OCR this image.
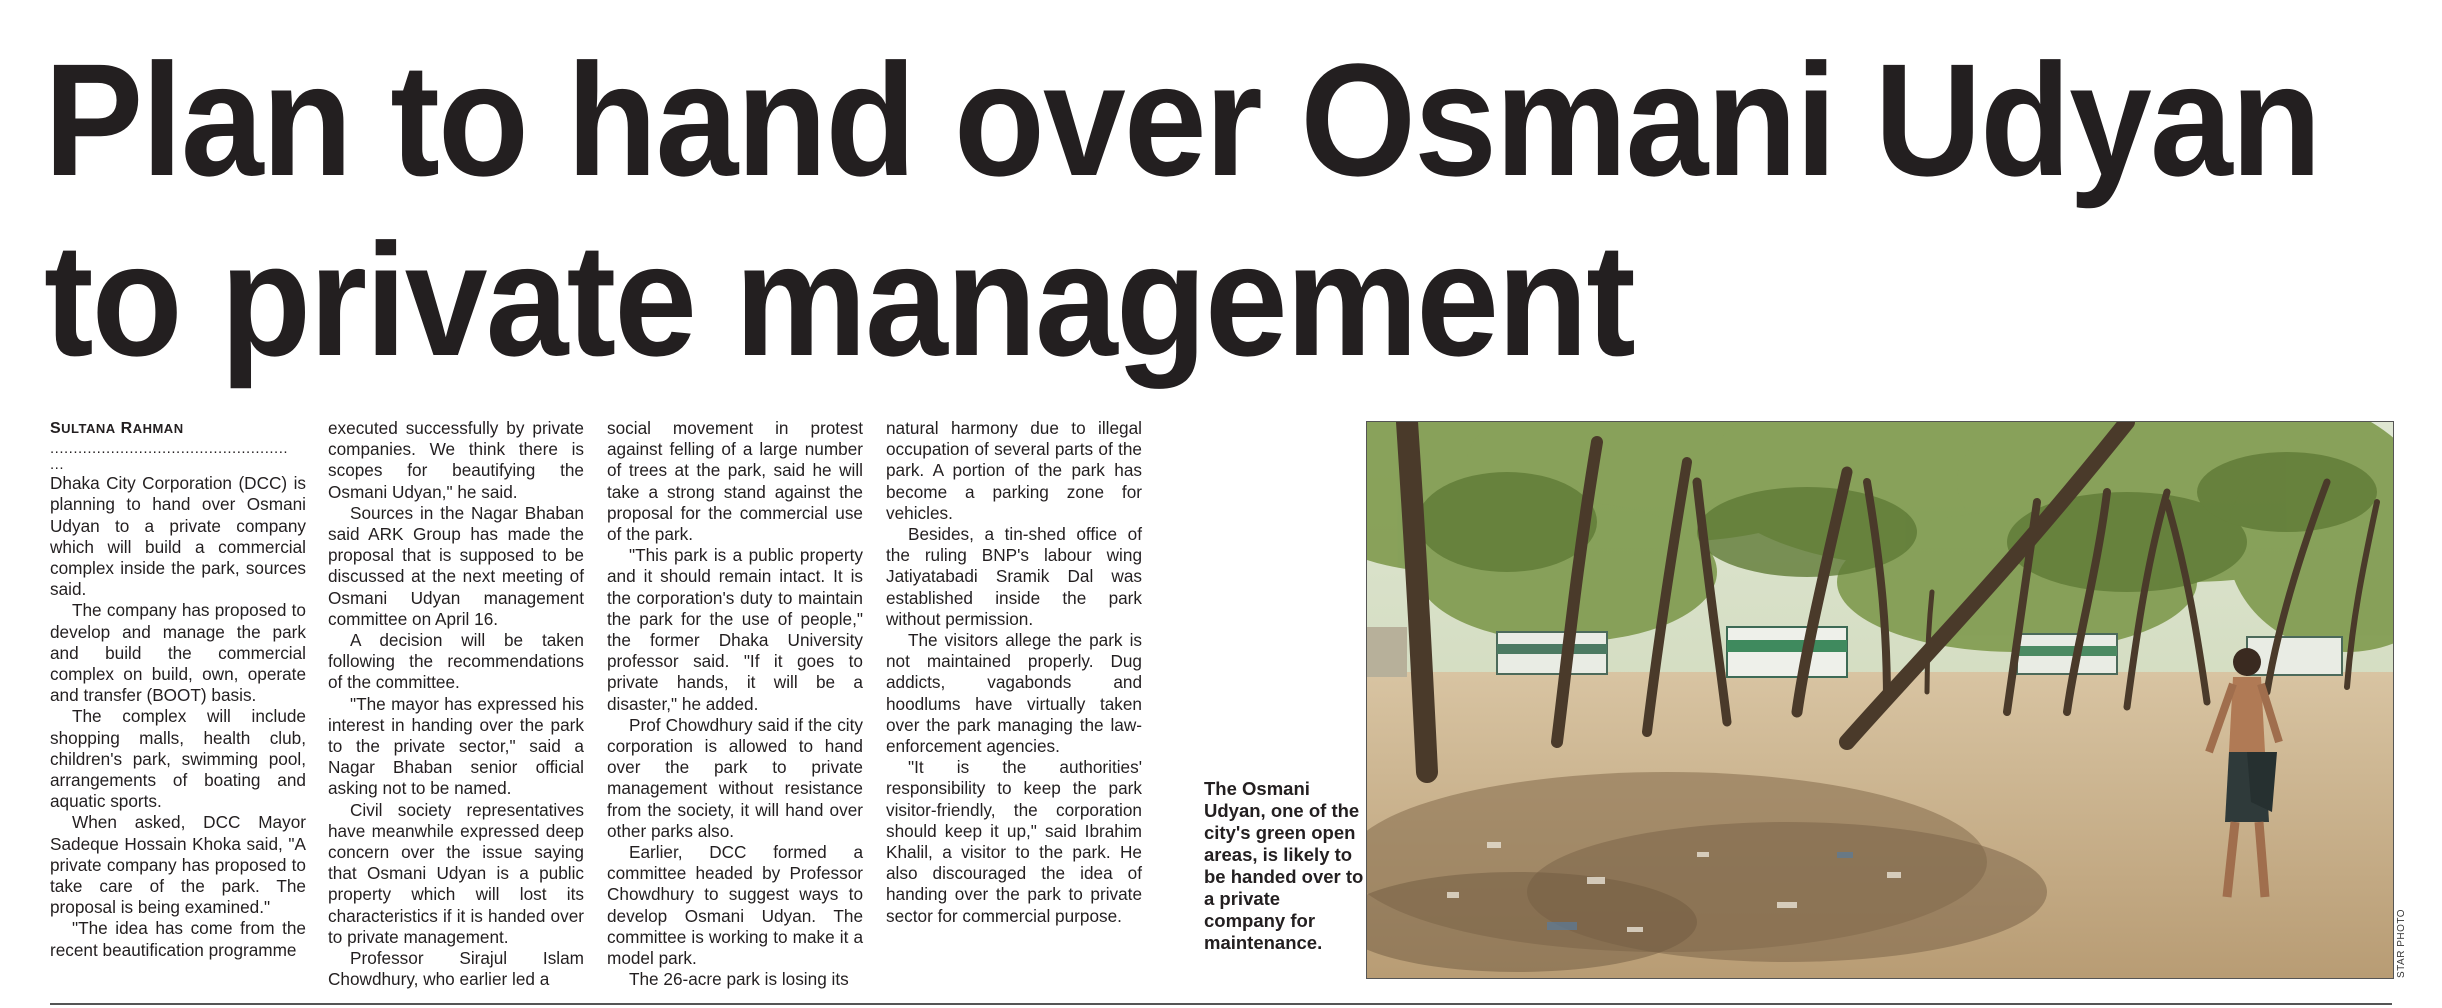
Plan to hand over Osmani Udyan
to private management
SULTANA RAHMAN
...................................................
...

Dhaka City Corporation (DCC) is planning to hand over Osmani Udyan to a private company which will build a commercial complex inside the park, sources said.

The company has proposed to develop and manage the park and build the commercial complex on build, own, operate and transfer (BOOT) basis.

The complex will include shopping malls, health club, children's park, swimming pool, arrangements of boating and aquatic sports.

When asked, DCC Mayor Sadeque Hossain Khoka said, "A private company has proposed to take care of the park. The proposal is being examined."

"The idea has come from the recent beautification programme

executed successfully by private companies. We think there is scopes for beautifying the Osmani Udyan," he said.

Sources in the Nagar Bhaban said ARK Group has made the proposal that is supposed to be discussed at the next meeting of Osmani Udyan management committee on April 16.

A decision will be taken following the recommendations of the committee.

"The mayor has expressed his interest in handing over the park to the private sector," said a Nagar Bhaban senior official asking not to be named.

Civil society representatives have meanwhile expressed deep concern over the issue saying that Osmani Udyan is a public property which will lost its characteristics if it is handed over to private management.

Professor Sirajul Islam Chowdhury, who earlier led a

social movement in protest against felling of a large number of trees at the park, said he will take a strong stand against the proposal for the commercial use of the park.

"This park is a public property and it should remain intact. It is the corporation's duty to maintain the park for the use of people," the former Dhaka University professor said. "If it goes to private hands, it will be a disaster," he added.

Prof Chowdhury said if the city corporation is allowed to hand over the park to private management without resistance from the society, it will hand over other parks also.

Earlier, DCC formed a committee headed by Professor Chowdhury to suggest ways to develop Osmani Udyan. The committee is working to make it a model park.

The 26-acre park is losing its

natural harmony due to illegal occupation of several parts of the park. A portion of the park has become a parking zone for vehicles.

Besides, a tin-shed office of the ruling BNP's labour wing Jatiyatabadi Sramik Dal was established inside the park without permission.

The visitors allege the park is not maintained properly. Dug addicts, vagabonds and hoodlums have virtually taken over the park managing the law-enforcement agencies.

"It is the authorities' responsibility to keep the park visitor-friendly, the corporation should keep it up," said Ibrahim Khalil, a visitor to the park. He also discouraged the idea of handing over the park to private sector for commercial purpose.

The Osmani Udyan, one of the city's green open areas, is likely to be handed over to a private company for maintenance.	STAR PHOTO
